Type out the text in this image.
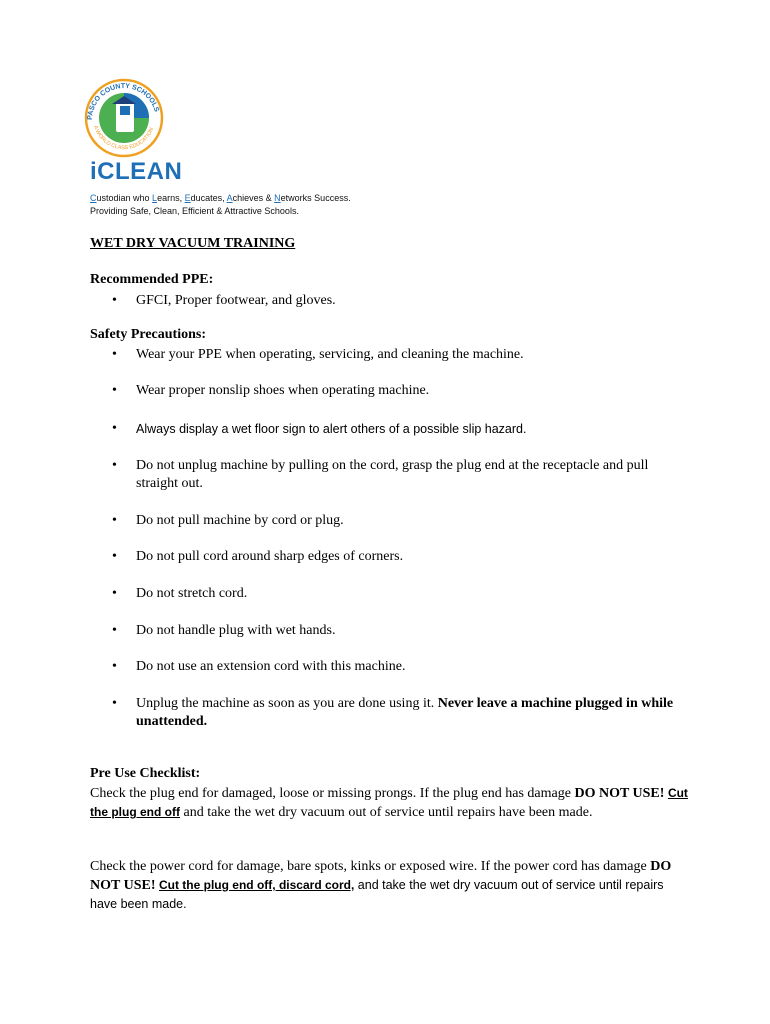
PASCO COUNTY SCHOOLS
A WORLD CLASS EDUCATION
iCLEAN
Custodian who Learns, Educates, Achieves & Networks Success.
Providing Safe, Clean, Efficient & Attractive Schools.
WET DRY VACUUM TRAINING
Recommended PPE:
• GFCI, Proper footwear, and gloves.
Safety Precautions:
• Wear your PPE when operating, servicing, and cleaning the machine.
• Wear proper nonslip shoes when operating machine.
• Always display a wet floor sign to alert others of a possible slip hazard.
• Do not unplug machine by pulling on the cord, grasp the plug end at the receptacle and pull straight out.
• Do not pull machine by cord or plug.
• Do not pull cord around sharp edges of corners.
• Do not stretch cord.
• Do not handle plug with wet hands.
• Do not use an extension cord with this machine.
• Unplug the machine as soon as you are done using it. Never leave a machine plugged in while unattended.
Pre Use Checklist:
Check the plug end for damaged, loose or missing prongs. If the plug end has damage DO NOT USE! Cut the plug end off and take the wet dry vacuum out of service until repairs have been made.
Check the power cord for damage, bare spots, kinks or exposed wire. If the power cord has damage DO NOT USE! Cut the plug end off, discard cord, and take the wet dry vacuum out of service until repairs have been made.
